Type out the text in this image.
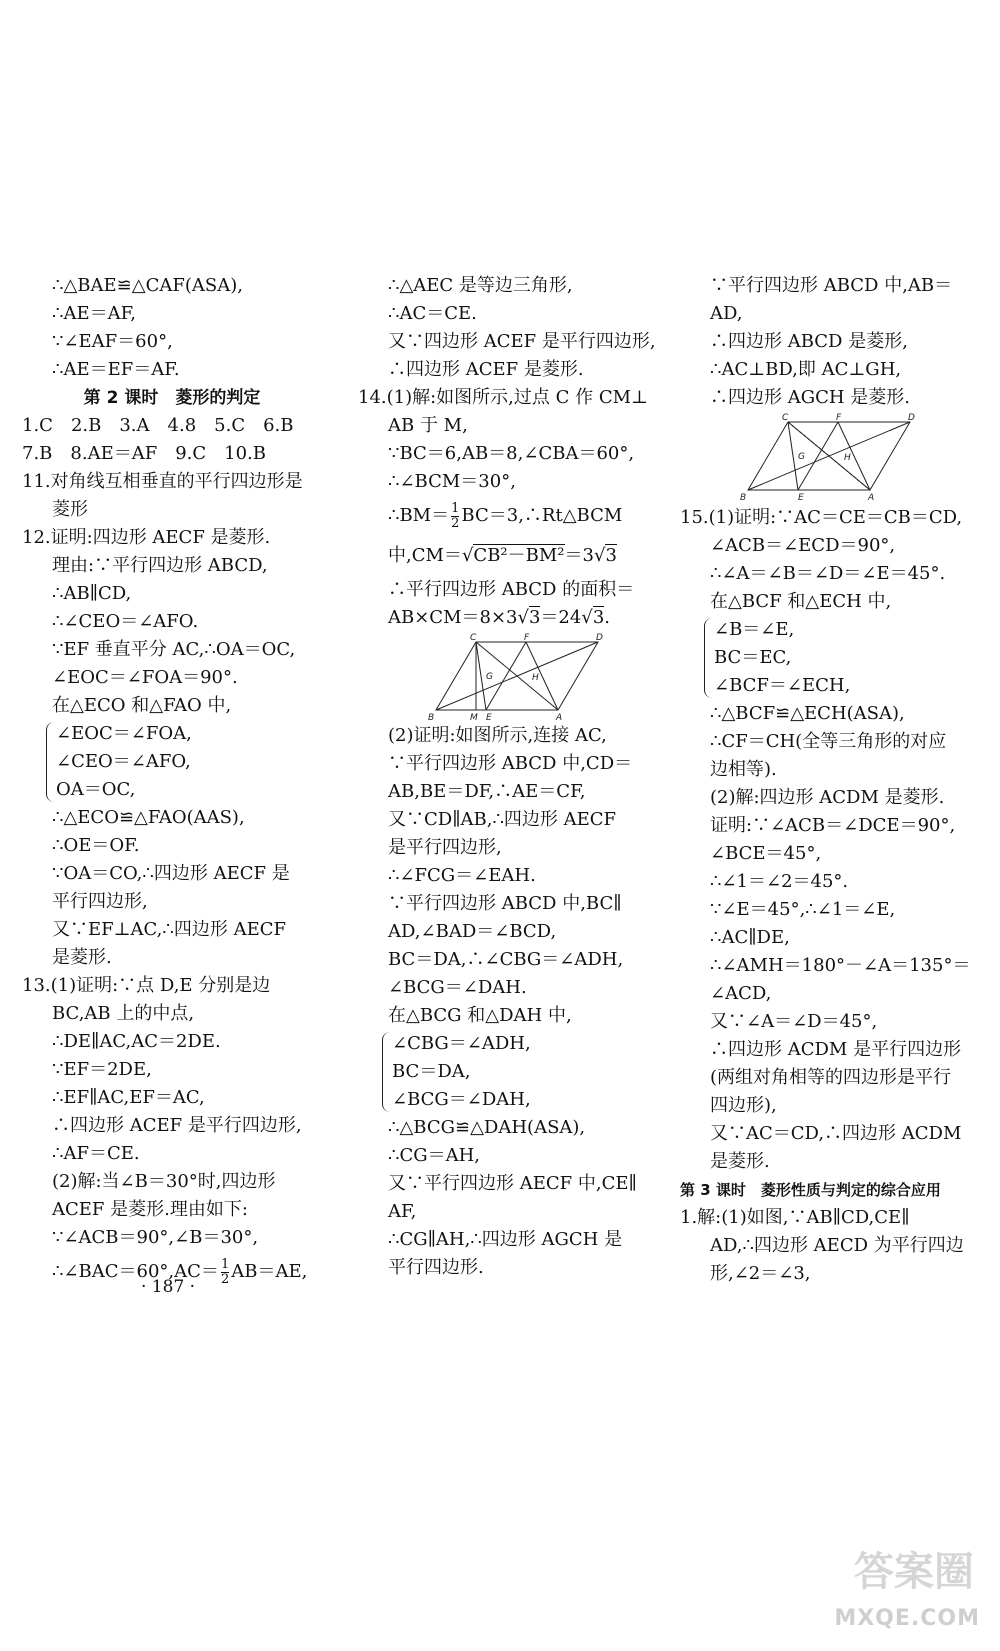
∴△BAE≌△CAF(ASA),
∴AE＝AF,
∵∠EAF＝60°,
∴AE＝EF＝AF.
第 2 课时　菱形的判定
1.C　2.B　3.A　4.8　5.C　6.B
7.B　8.AE＝AF　9.C　10.B
11.对角线互相垂直的平行四边形是
菱形
12.证明:四边形 AECF 是菱形.
理由:∵平行四边形 ABCD,
∴AB∥CD,
∴∠CEO＝∠AFO.
∵EF 垂直平分 AC,∴OA＝OC,
∠EOC＝∠FOA＝90°.
在△ECO 和△FAO 中,
∠EOC＝∠FOA,
∠CEO＝∠AFO,
OA＝OC,
∴△ECO≌△FAO(AAS),
∴OE＝OF.
∵OA＝CO,∴四边形 AECF 是
平行四边形,
又∵EF⊥AC,∴四边形 AECF
是菱形.
13.(1)证明:∵点 D,E 分别是边
BC,AB 上的中点,
∴DE∥AC,AC＝2DE.
∵EF＝2DE,
∴EF∥AC,EF＝AC,
∴四边形 ACEF 是平行四边形,
∴AF＝CE.
(2)解:当∠B＝30°时,四边形
ACEF 是菱形.理由如下:
∵∠ACB＝90°,∠B＝30°,
∴∠BAC＝60°,AC＝ $\frac{1}{2} AB=AE$,
∴△AEC 是等边三角形,
∴AC＝CE.
又∵四边形 ACEF 是平行四边形,
∴四边形 ACEF 是菱形.
14.(1)解:如图所示,过点 C 作 CM⊥
AB 于 M,
∵BC＝6,AB＝8,∠CBA＝60°,
∴∠BCM＝30°,
∴BM＝ $\frac{1}{2}$ BC＝3,∴Rt△BCM
中,CM＝√CB²－BM²＝3√3
∴平行四边形 ABCD 的面积＝
AB×CM＝8×3√3＝24√3.
C	F	D
G	H
B	M E	A
(2)证明:如图所示,连接 AC,
∵平行四边形 ABCD 中,CD＝
AB,BE＝DF,∴AE＝CF,
又∵CD∥AB,∴四边形 AECF
是平行四边形,
∴∠FCG＝∠EAH.
∵平行四边形 ABCD 中,BC∥
AD,∠BAD＝∠BCD,
BC＝DA,∴∠CBG＝∠ADH,
∠BCG＝∠DAH.
在△BCG 和△DAH 中,
∠CBG＝∠ADH,
BC＝DA,
∠BCG＝∠DAH,
∴△BCG≌△DAH(ASA),
∴CG＝AH,
又∵平行四边形 AECF 中,CE∥
AF,
∴CG∥AH,∴四边形 AGCH 是
平行四边形.
∵平行四边形 ABCD 中,AB＝
AD,
∴四边形 ABCD 是菱形,
∴AC⊥BD,即 AC⊥GH,
∴四边形 AGCH 是菱形.
C	F	D
G	H
B	E	A
15.(1)证明:∵AC＝CE＝CB＝CD,
∠ACB＝∠ECD＝90°,
∴∠A＝∠B＝∠D＝∠E＝45°.
在△BCF 和△ECH 中,
∠B＝∠E,
BC＝EC,
∠BCF＝∠ECH,
∴△BCF≌△ECH(ASA),
∴CF＝CH(全等三角形的对应
边相等).
(2)解:四边形 ACDM 是菱形.
证明:∵∠ACB＝∠DCE＝90°,
∠BCE＝45°,
∴∠1＝∠2＝45°.
∵∠E＝45°,∴∠1＝∠E,
∴AC∥DE,
∴∠AMH＝180°－∠A＝135°＝
∠ACD,
又∵∠A＝∠D＝45°,
∴四边形 ACDM 是平行四边形
(两组对角相等的四边形是平行
四边形),
又∵AC＝CD,∴四边形 ACDM
是菱形.
第 3 课时　菱形性质与判定的综合应用
1.解:(1)如图,∵AB∥CD,CE∥
AD,∴四边形 AECD 为平行四边
形,∠2＝∠3,
· 187 ·
答案圈
MXQE.COM
